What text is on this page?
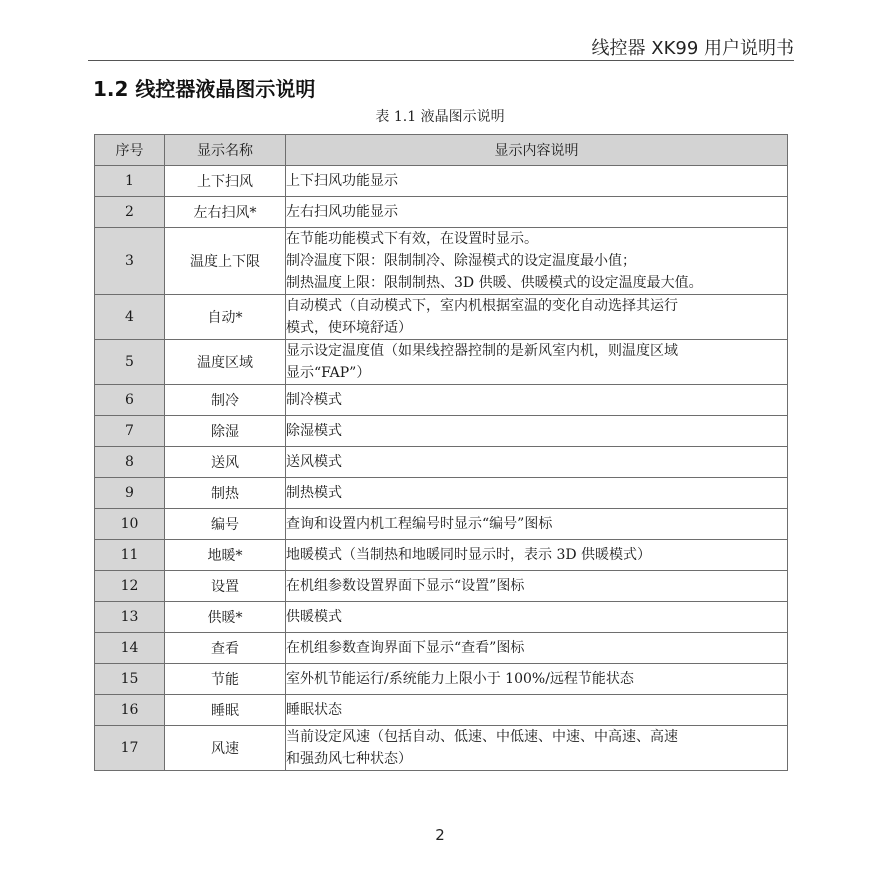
线控器 XK99 用户说明书
1.2 线控器液晶图示说明
表 1.1 液晶图示说明
序号	显示名称	显示内容说明
1	上下扫风	上下扫风功能显示

2	左右扫风*	左右扫风功能显示

3	温度上下限	在节能功能模式下有效，在设置时显示。
制冷温度下限：限制制冷、除湿模式的设定温度最小值；
制热温度上限：限制制热、3D 供暖、供暖模式的设定温度最大值。

4	自动*	自动模式（自动模式下，室内机根据室温的变化自动选择其运行
模式，使环境舒适）

5	温度区域	显示设定温度值（如果线控器控制的是新风室内机，则温度区域
显示“FAP”）

6	制冷	制冷模式

7	除湿	除湿模式

8	送风	送风模式

9	制热	制热模式

10	编号	查询和设置内机工程编号时显示“编号”图标

11	地暖*	地暖模式（当制热和地暖同时显示时，表示 3D 供暖模式）

12	设置	在机组参数设置界面下显示“设置”图标

13	供暖*	供暖模式

14	查看	在机组参数查询界面下显示“查看”图标

15	节能	室外机节能运行/系统能力上限小于 100%/远程节能状态

16	睡眠	睡眠状态

17	风速	当前设定风速（包括自动、低速、中低速、中速、中高速、高速
和强劲风七种状态）
2
